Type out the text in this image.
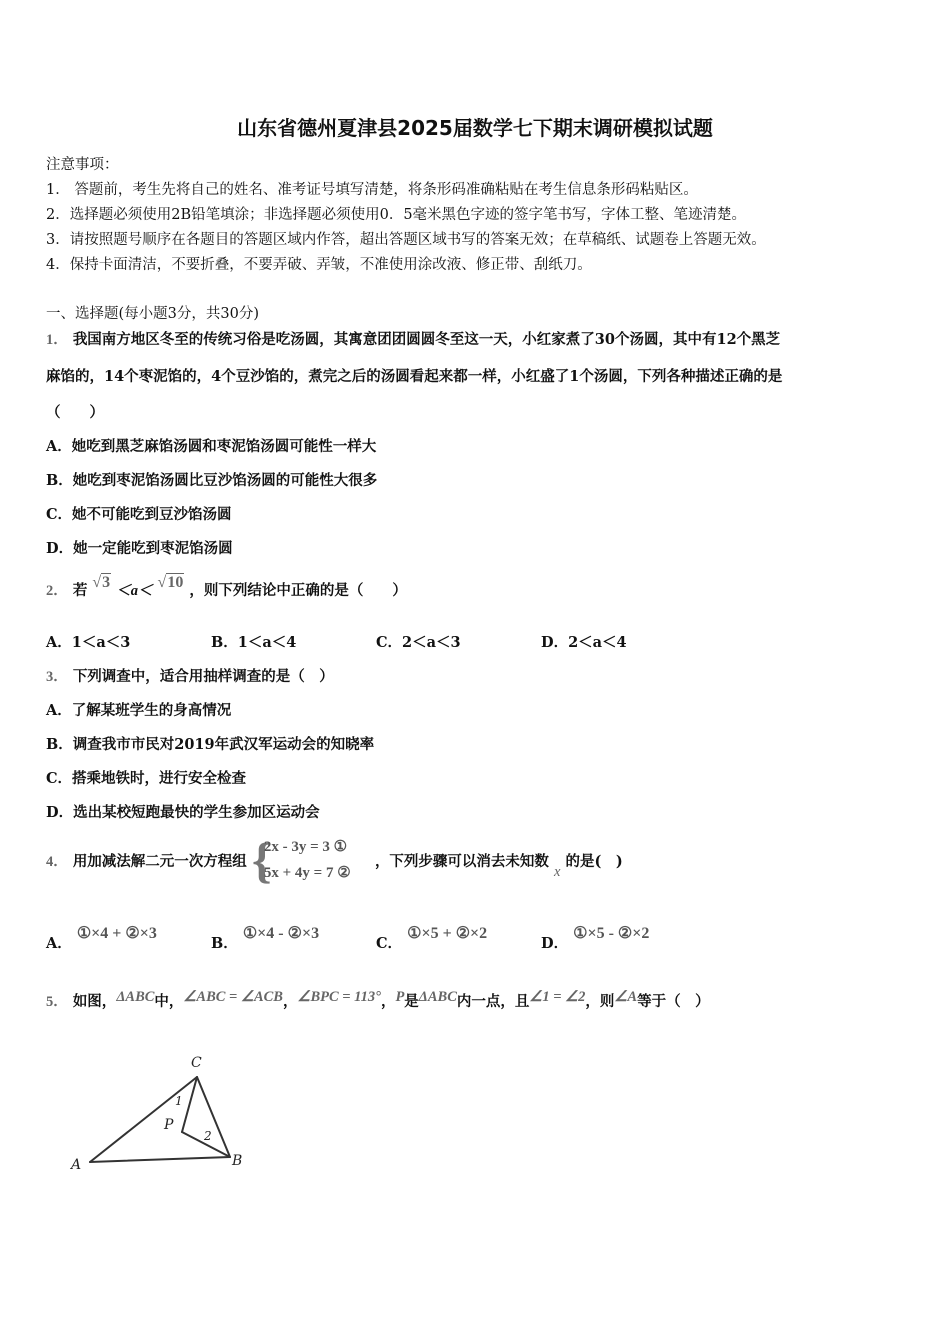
山东省德州夏津县2025届数学七下期末调研模拟试题
注意事项：
1． 答题前，考生先将自己的姓名、准考证号填写清楚，将条形码准确粘贴在考生信息条形码粘贴区。
2．选择题必须使用2B铅笔填涂；非选择题必须使用0．5毫米黑色字迹的签字笔书写，字体工整、笔迹清楚。
3．请按照题号顺序在各题目的答题区域内作答，超出答题区域书写的答案无效；在草稿纸、试题卷上答题无效。
4．保持卡面清洁，不要折叠，不要弄破、弄皱，不准使用涂改液、修正带、刮纸刀。
一、选择题(每小题3分，共30分)
1． 我国南方地区冬至的传统习俗是吃汤圆，其寓意团团圆圆冬至这一天，小红家煮了30个汤圆，其中有12个黑芝
麻馅的，14个枣泥馅的，4个豆沙馅的，煮完之后的汤圆看起来都一样，小红盛了1个汤圆，下列各种描述正确的是
（　　）
A．她吃到黑芝麻馅汤圆和枣泥馅汤圆可能性一样大
B．她吃到枣泥馅汤圆比豆沙馅汤圆的可能性大很多
C．她不可能吃到豆沙馅汤圆
D．她一定能吃到枣泥馅汤圆
2． 若 √3 ＜a＜ √10 ，则下列结论中正确的是（　　）
A．1＜a＜3	B．1＜a＜4	C．2＜a＜3	D．2＜a＜4
3． 下列调查中，适合用抽样调查的是（　）
A．了解某班学生的身高情况
B．调查我市市民对2019年武汉军运动会的知晓率
C．搭乘地铁时，进行安全检查
D．选出某校短跑最快的学生参加区运动会
4． 用加减法解二元一次方程组 {
2x - 3y = 3 ①
5x + 4y = 7 ②
，下列步骤可以消去未知数 x 的是(　)
A． ①×4 + ②×3
B． ①×4 - ②×3
C． ①×5 + ②×2
D． ①×5 - ②×2
5． 如图，ΔABC中，∠ABC = ∠ACB，∠BPC = 113°，P是ΔABC内一点，且∠1 = ∠2，则∠A等于（　）
A	B
C
P
1
2
